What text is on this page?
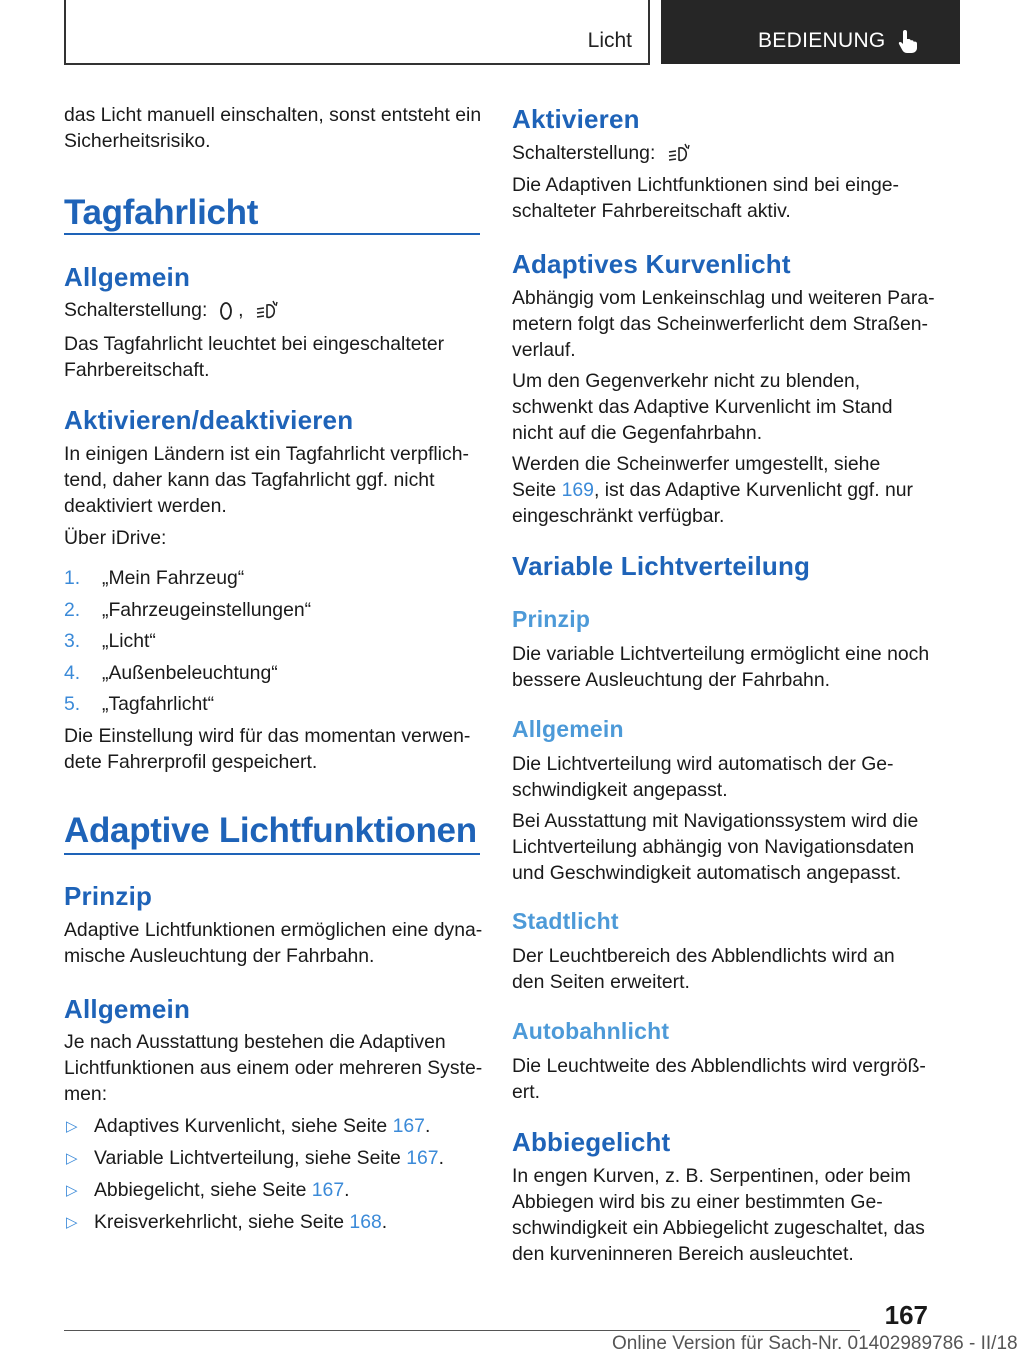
Licht	BEDIENUNG
das Licht manuell einschalten, sonst entsteht ein
Sicherheitsrisiko.
Tagfahrlicht
Allgemein
Schalterstellung: ,
Das Tagfahrlicht leuchtet bei eingeschalteter
Fahrbereitschaft.
Aktivieren/deaktivieren
In einigen Ländern ist ein Tagfahrlicht verpflich‐
tend, daher kann das Tagfahrlicht ggf. nicht
deaktiviert werden.
Über iDrive:
1. „Mein Fahrzeug“
2. „Fahrzeugeinstellungen“
3. „Licht“
4. „Außenbeleuchtung“
5. „Tagfahrlicht“
Die Einstellung wird für das momentan verwen‐
dete Fahrerprofil gespeichert.
Adaptive Lichtfunktionen
Prinzip
Adaptive Lichtfunktionen ermöglichen eine dyna‐
mische Ausleuchtung der Fahrbahn.
Allgemein
Je nach Ausstattung bestehen die Adaptiven
Lichtfunktionen aus einem oder mehreren Syste‐
men:
▷ Adaptives Kurvenlicht, siehe Seite 167.
▷ Variable Lichtverteilung, siehe Seite 167.
▷ Abbiegelicht, siehe Seite 167.
▷ Kreisverkehrlicht, siehe Seite 168.
Aktivieren
Schalterstellung:
Die Adaptiven Lichtfunktionen sind bei einge‐
schalteter Fahrbereitschaft aktiv.
Adaptives Kurvenlicht
Abhängig vom Lenkeinschlag und weiteren Para‐
metern folgt das Scheinwerferlicht dem Straßen‐
verlauf.
Um den Gegenverkehr nicht zu blenden,
schwenkt das Adaptive Kurvenlicht im Stand
nicht auf die Gegenfahrbahn.
Werden die Scheinwerfer umgestellt, siehe
Seite 169, ist das Adaptive Kurvenlicht ggf. nur
eingeschränkt verfügbar.
Variable Lichtverteilung
Prinzip
Die variable Lichtverteilung ermöglicht eine noch
bessere Ausleuchtung der Fahrbahn.
Allgemein
Die Lichtverteilung wird automatisch der Ge‐
schwindigkeit angepasst.
Bei Ausstattung mit Navigationssystem wird die
Lichtverteilung abhängig von Navigationsdaten
und Geschwindigkeit automatisch angepasst.
Stadtlicht
Der Leuchtbereich des Abblendlichts wird an
den Seiten erweitert.
Autobahnlicht
Die Leuchtweite des Abblendlichts wird vergröß‐
ert.
Abbiegelicht
In engen Kurven, z. B. Serpentinen, oder beim
Abbiegen wird bis zu einer bestimmten Ge‐
schwindigkeit ein Abbiegelicht zugeschaltet, das
den kurveninneren Bereich ausleuchtet.
167
Online Version für Sach-Nr. 01402989786 - II/18
